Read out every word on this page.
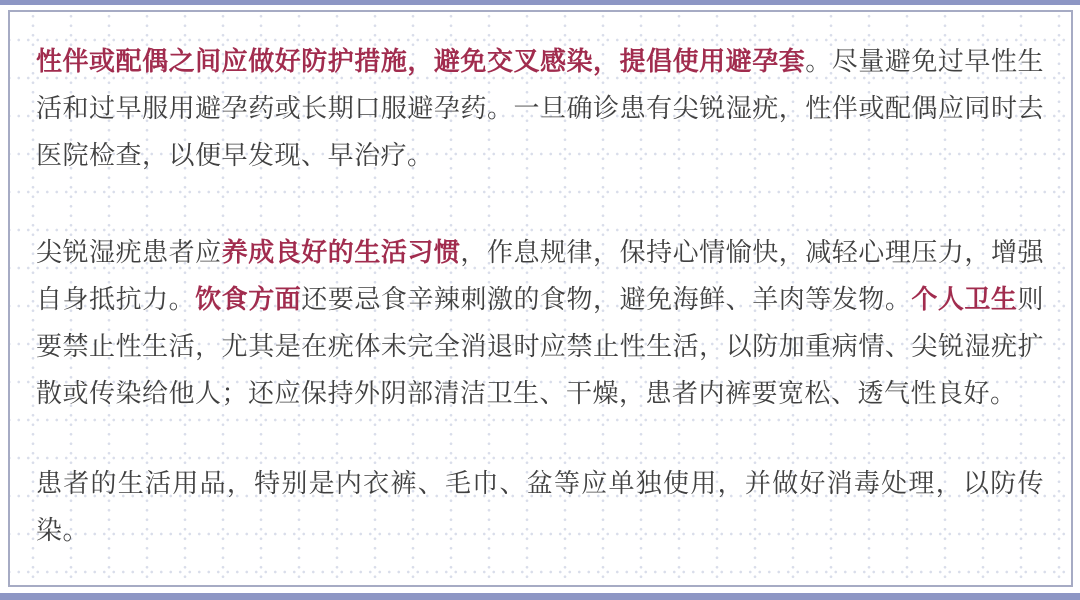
性伴或配偶之间应做好防护措施，避免交叉感染，提倡使用避孕套。尽量避免过早性生活和过早服用避孕药或长期口服避孕药。一旦确诊患有尖锐湿疣，性伴或配偶应同时去医院检查，以便早发现、早治疗。

尖锐湿疣患者应养成良好的生活习惯，作息规律，保持心情愉快，减轻心理压力，增强自身抵抗力。饮食方面还要忌食辛辣刺激的食物，避免海鲜、羊肉等发物。个人卫生则要禁止性生活，尤其是在疣体未完全消退时应禁止性生活，以防加重病情、尖锐湿疣扩散或传染给他人；还应保持外阴部清洁卫生、干燥，患者内裤要宽松、透气性良好。

患者的生活用品，特别是内衣裤、毛巾、盆等应单独使用，并做好消毒处理，以防传染。
